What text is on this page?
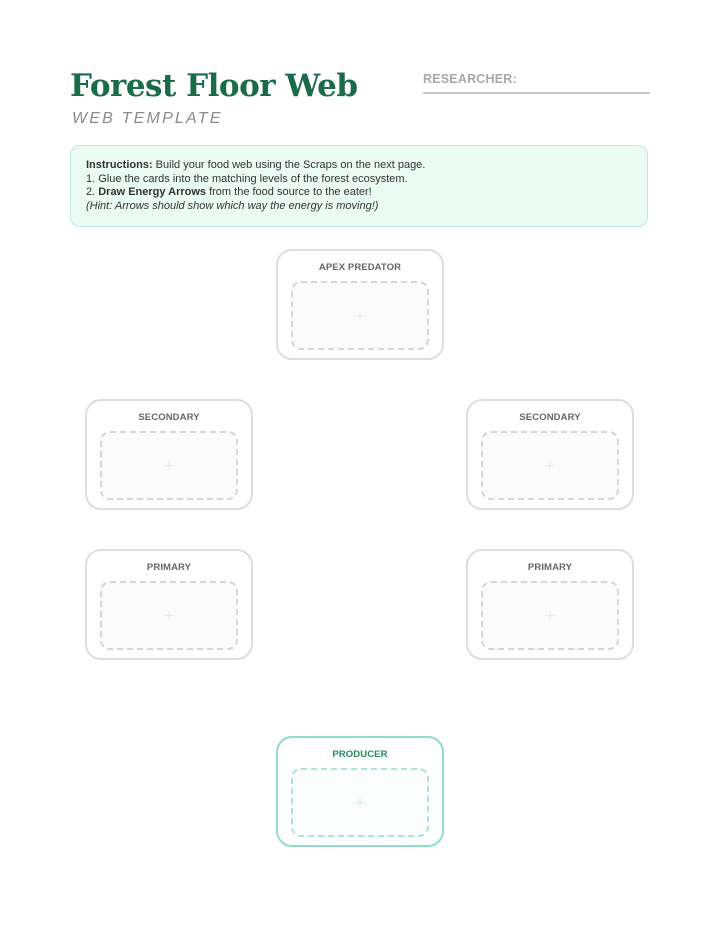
Forest Floor Web
WEB TEMPLATE
RESEARCHER:
Instructions: Build your food web using the Scraps on the next page.
1. Glue the cards into the matching levels of the forest ecosystem.
2. Draw Energy Arrows from the food source to the eater!
(Hint: Arrows should show which way the energy is moving!)
APEX PREDATOR
+
SECONDARY
+
SECONDARY
+
PRIMARY
+
PRIMARY
+
PRODUCER
+
